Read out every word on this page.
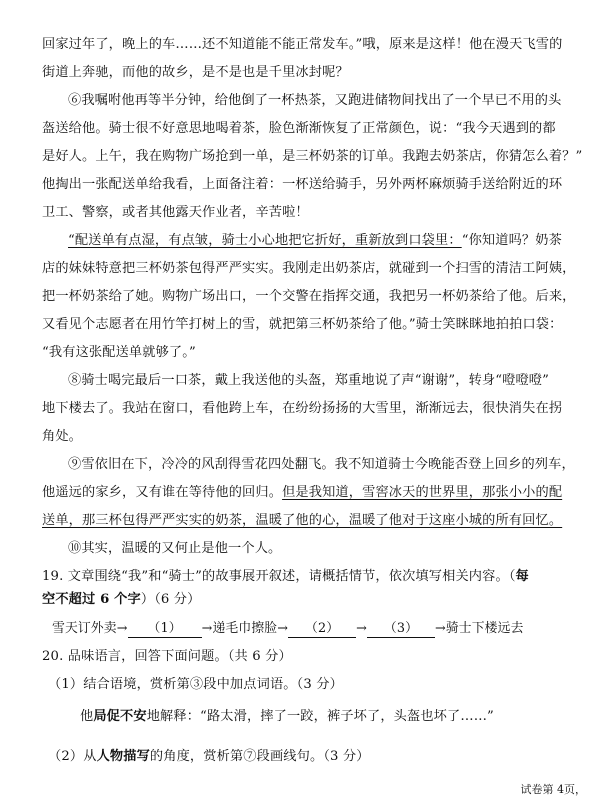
回家过年了，晚上的车……还不知道能不能正常发车。”哦，原来是这样！他在漫天飞雪的
街道上奔驰，而他的故乡，是不是也是千里冰封呢？
⑥我嘱咐他再等半分钟，给他倒了一杯热茶，又跑进储物间找出了一个早已不用的头
盔送给他。骑士很不好意思地喝着茶，脸色渐渐恢复了正常颜色，说：“我今天遇到的都
是好人。上午，我在购物广场抢到一单，是三杯奶茶的订单。我跑去奶茶店，你猜怎么着？”
他掏出一张配送单给我看，上面备注着：一杯送给骑手，另外两杯麻烦骑手送给附近的环
卫工、警察，或者其他露天作业者，辛苦啦！
“配送单有点湿，有点皱，骑士小心地把它折好，重新放到口袋里：“你知道吗？奶茶
店的妹妹特意把三杯奶茶包得严严实实。我刚走出奶茶店，就碰到一个扫雪的清洁工阿姨，
把一杯奶茶给了她。购物广场出口，一个交警在指挥交通，我把另一杯奶茶给了他。后来，
又看见个志愿者在用竹竿打树上的雪，就把第三杯奶茶给了他。”骑士笑眯眯地拍拍口袋：
“我有这张配送单就够了。”
⑧骑士喝完最后一口茶，戴上我送他的头盔，郑重地说了声“谢谢”，转身“噔噔噔”
地下楼去了。我站在窗口，看他跨上车，在纷纷扬扬的大雪里，渐渐远去，很快消失在拐
角处。
⑨雪依旧在下，冷冷的风刮得雪花四处翻飞。我不知道骑士今晚能否登上回乡的列车，
他遥远的家乡，又有谁在等待他的回归。但是我知道，雪窖冰天的世界里，那张小小的配
送单，那三杯包得严严实实的奶茶，温暖了他的心，温暖了他对于这座小城的所有回忆。
⑩其实，温暖的又何止是他一个人。
19. 文章围绕“我”和“骑士”的故事展开叙述，请概括情节，依次填写相关内容。（每
空不超过 6 个字）（6 分）
雪天订外卖→ （1） →递毛巾擦脸→ （2） → （3） →骑士下楼远去
20. 品味语言，回答下面问题。（共 6 分）
（1）结合语境，赏析第③段中加点词语。（3 分）
他局促不安地解释：“路太滑，摔了一跤，裤子坏了，头盔也坏了……”
（2）从人物描写的角度，赏析第⑦段画线句。（3 分）
试卷第 4页，
